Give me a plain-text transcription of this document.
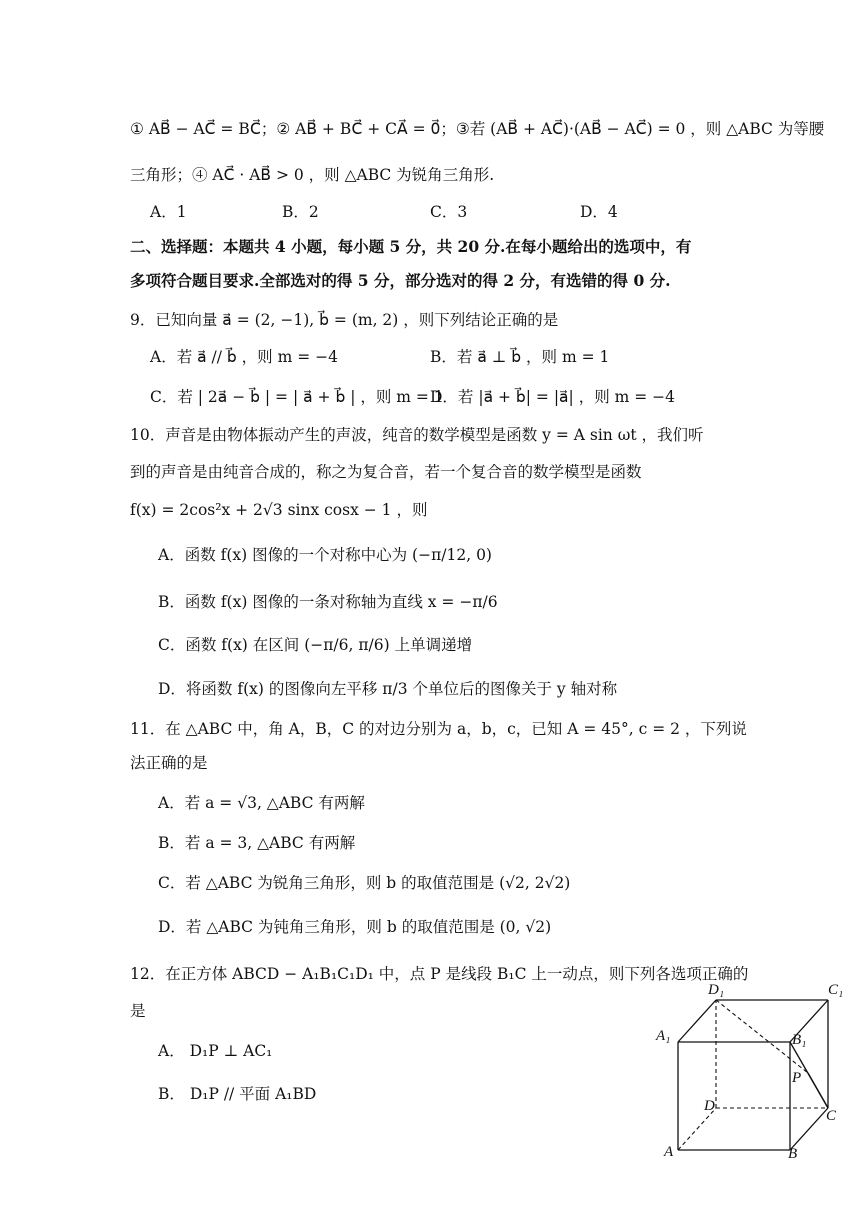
① AB⃗ − AC⃗ = BC⃗；② AB⃗ + BC⃗ + CA⃗ = 0⃗；③若 (AB⃗ + AC⃗)·(AB⃗ − AC⃗) = 0 ，则 △ABC 为等腰
三角形；④ AC⃗ · AB⃗ > 0 ，则 △ABC 为锐角三角形.
A．1	B．2	C．3	D．4
二、选择题：本题共 4 小题，每小题 5 分，共 20 分.在每小题给出的选项中，有
多项符合题目要求.全部选对的得 5 分，部分选对的得 2 分，有选错的得 0 分.
9．已知向量 a⃗ = (2, −1), b⃗ = (m, 2) ，则下列结论正确的是
A．若 a⃗ // b⃗ ，则 m = −4	B．若 a⃗ ⊥ b⃗ ，则 m = 1
C．若 | 2a⃗ − b⃗ | = | a⃗ + b⃗ | ，则 m = 1
D．若 |a⃗ + b⃗| = |a⃗| ，则 m = −4
10．声音是由物体振动产生的声波，纯音的数学模型是函数 y = A sin ωt ，我们听
到的声音是由纯音合成的，称之为复合音，若一个复合音的数学模型是函数
f(x) = 2cos²x + 2√3 sinx cosx − 1 ，则
A．函数 f(x) 图像的一个对称中心为 (−π/12, 0)
B．函数 f(x) 图像的一条对称轴为直线 x = −π/6
C．函数 f(x) 在区间 (−π/6, π/6) 上单调递增
D．将函数 f(x) 的图像向左平移 π/3 个单位后的图像关于 y 轴对称
11．在 △ABC 中，角 A，B，C 的对边分别为 a，b，c，已知 A = 45°, c = 2 ，下列说
法正确的是
A．若 a = √3, △ABC 有两解
B．若 a = 3, △ABC 有两解
C．若 △ABC 为锐角三角形，则 b 的取值范围是 (√2, 2√2)
D．若 △ABC 为钝角三角形，则 b 的取值范围是 (0, √2)
12．在正方体 ABCD − A₁B₁C₁D₁ 中，点 P 是线段 B₁C 上一动点，则下列各选项正确的
是
A． D₁P ⊥ AC₁
B． D₁P // 平面 A₁BD
D₁	C₁
A₁	B₁
P
D
C
A	B
